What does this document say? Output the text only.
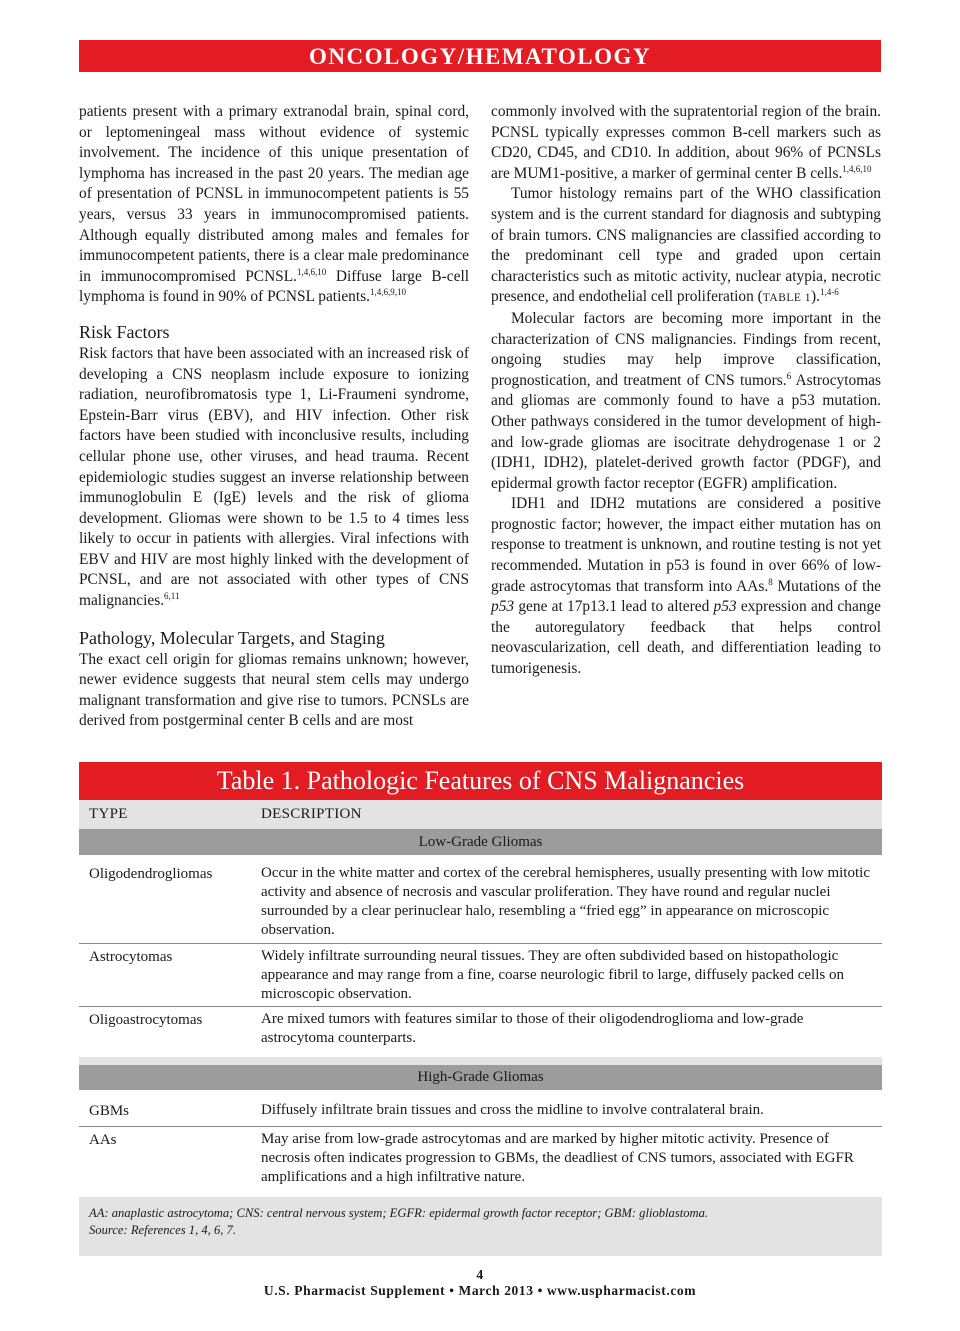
ONCOLOGY/HEMATOLOGY

patients present with a primary extranodal brain, spinal cord, or leptomeningeal mass without evidence of systemic involvement. The incidence of this unique presentation of lymphoma has increased in the past 20 years. The median age of presentation of PCNSL in immunocompetent patients is 55 years, versus 33 years in immunocompromised patients. Although equally distributed among males and females for immunocompetent patients, there is a clear male predominance in immunocompromised PCNSL.$^{1,4,6,10}$ Diffuse large B-cell lymphoma is found in 90% of PCNSL patients.$^{1,4,6,9,10}$

Risk Factors

Risk factors that have been associated with an increased risk of developing a CNS neoplasm include exposure to ionizing radiation, neurofibromatosis type 1, Li-Fraumeni syndrome, Epstein-Barr virus (EBV), and HIV infection. Other risk factors have been studied with inconclusive results, including cellular phone use, other viruses, and head trauma. Recent epidemiologic studies suggest an inverse relationship between immunoglobulin E (IgE) levels and the risk of glioma development. Gliomas were shown to be 1.5 to 4 times less likely to occur in patients with allergies. Viral infections with EBV and HIV are most highly linked with the development of PCNSL, and are not associated with other types of CNS malignancies.$^{6,11}$

Pathology, Molecular Targets, and Staging

The exact cell origin for gliomas remains unknown; however, newer evidence suggests that neural stem cells may undergo malignant transformation and give rise to tumors. PCNSLs are derived from postgerminal center B cells and are most

commonly involved with the supratentorial region of the brain. PCNSL typically expresses common B-cell markers such as CD20, CD45, and CD10. In addition, about 96% of PCNSLs are MUM1-positive, a marker of germinal center B cells.$^{1,4,6,10}$

Tumor histology remains part of the WHO classification system and is the current standard for diagnosis and subtyping of brain tumors. CNS malignancies are classified according to the predominant cell type and graded upon certain characteristics such as mitotic activity, nuclear atypia, necrotic presence, and endothelial cell proliferation (TABLE 1).$^{1,4-6}$

Molecular factors are becoming more important in the characterization of CNS malignancies. Findings from recent, ongoing studies may help improve classification, prognostication, and treatment of CNS tumors.$^6$ Astrocytomas and gliomas are commonly found to have a p53 mutation. Other pathways considered in the tumor development of high- and low-grade gliomas are isocitrate dehydrogenase 1 or 2 (IDH1, IDH2), platelet-derived growth factor (PDGF), and epidermal growth factor receptor (EGFR) amplification.

IDH1 and IDH2 mutations are considered a positive prognostic factor; however, the impact either mutation has on response to treatment is unknown, and routine testing is not yet recommended. Mutation in p53 is found in over 66% of low-grade astrocytomas that transform into AAs.$^8$ Mutations of the p53 gene at 17p13.1 lead to altered p53 expression and change the autoregulatory feedback that helps control neovascularization, cell death, and differentiation leading to tumorigenesis.

Table 1. Pathologic Features of CNS Malignancies
TYPE	DESCRIPTION
Low-Grade Gliomas
Oligodendrogliomas	Occur in the white matter and cortex of the cerebral hemispheres, usually presenting with low mitotic activity and absence of necrosis and vascular proliferation. They have round and regular nuclei surrounded by a clear perinuclear halo, resembling a “fried egg” in appearance on microscopic observation.
Astrocytomas	Widely infiltrate surrounding neural tissues. They are often subdivided based on histopathologic appearance and may range from a fine, coarse neurologic fibril to large, diffusely packed cells on microscopic observation.
Oligoastrocytomas	Are mixed tumors with features similar to those of their oligodendroglioma and low-grade astrocytoma counterparts.
High-Grade Gliomas
GBMs	Diffusely infiltrate brain tissues and cross the midline to involve contralateral brain.
AAs	May arise from low-grade astrocytomas and are marked by higher mitotic activity. Presence of necrosis often indicates progression to GBMs, the deadliest of CNS tumors, associated with EGFR amplifications and a high infiltrative nature.
AA: anaplastic astrocytoma; CNS: central nervous system; EGFR: epidermal growth factor receptor; GBM: glioblastoma.
Source: References 1, 4, 6, 7.
4
U.S. Pharmacist Supplement • March 2013 • www.uspharmacist.com
